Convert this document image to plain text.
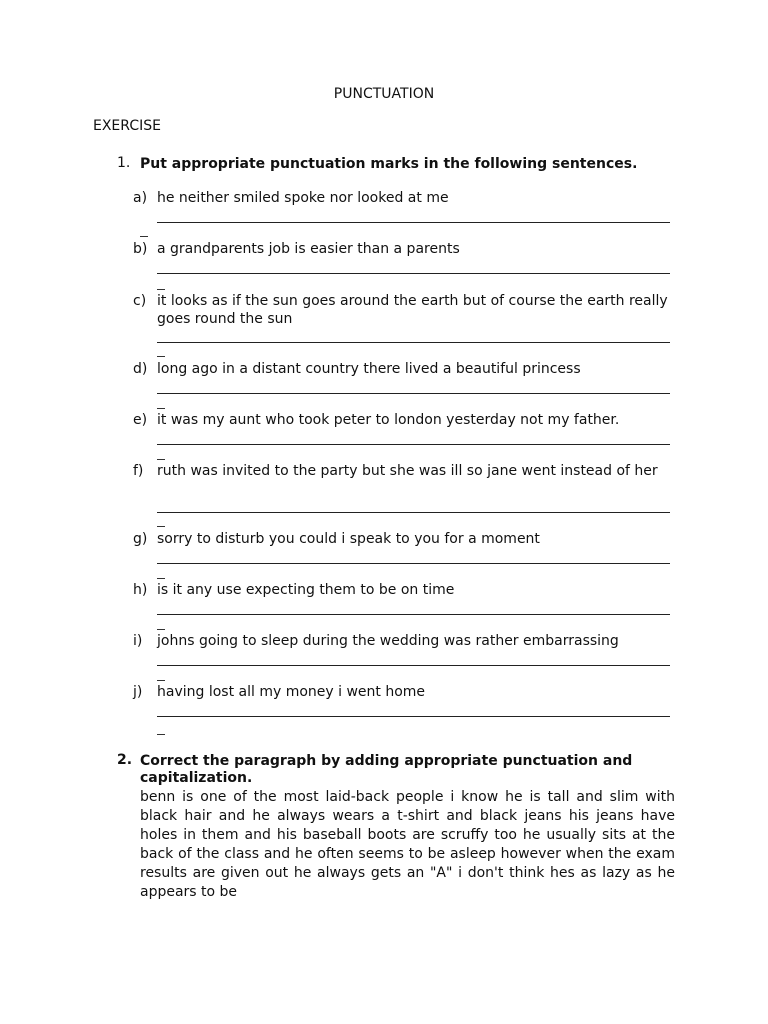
PUNCTUATION
EXERCISE
1. Put appropriate punctuation marks in the following sentences.
a) he neither smiled spoke nor looked at me
b) a grandparents job is easier than a parents
c) it looks as if the sun goes around the earth but of course the earth really goes round the sun
d) long ago in a distant country there lived a beautiful princess
e) it was my aunt who took peter to london yesterday not my father.
f) ruth was invited to the party but she was ill so jane went instead of her
g) sorry to disturb you could i speak to you for a moment
h) is it any use expecting them to be on time
i) johns going to sleep during the wedding was rather embarrassing
j) having lost all my money i went home
2. Correct the paragraph by adding appropriate punctuation and capitalization.
benn is one of the most laid-back people i know he is tall and slim with black hair and he always wears a t-shirt and black jeans his jeans have holes in them and his baseball boots are scruffy too he usually sits at the back of the class and he often seems to be asleep however when the exam results are given out he always gets an "A" i don't think hes as lazy as he appears to be
